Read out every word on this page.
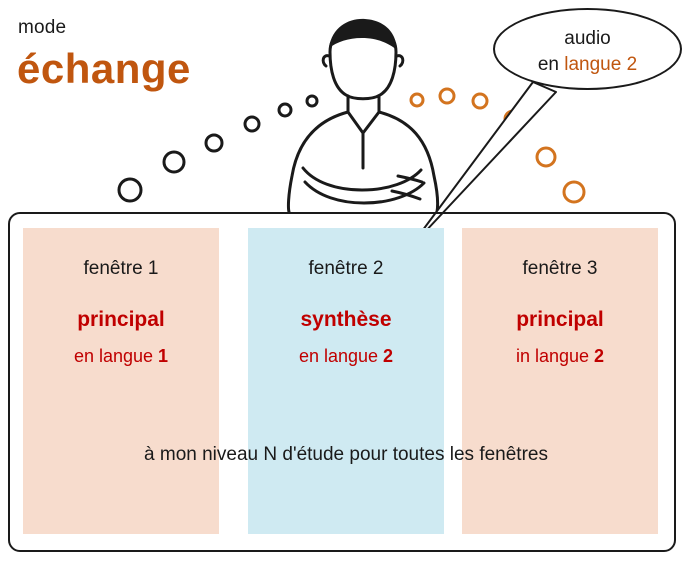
mode
échange
audio
en langue 2
fenêtre 1
principal
en langue 1
fenêtre 2
synthèse
en langue 2
fenêtre 3
principal
in langue 2
à mon niveau N d'étude pour toutes les fenêtres
